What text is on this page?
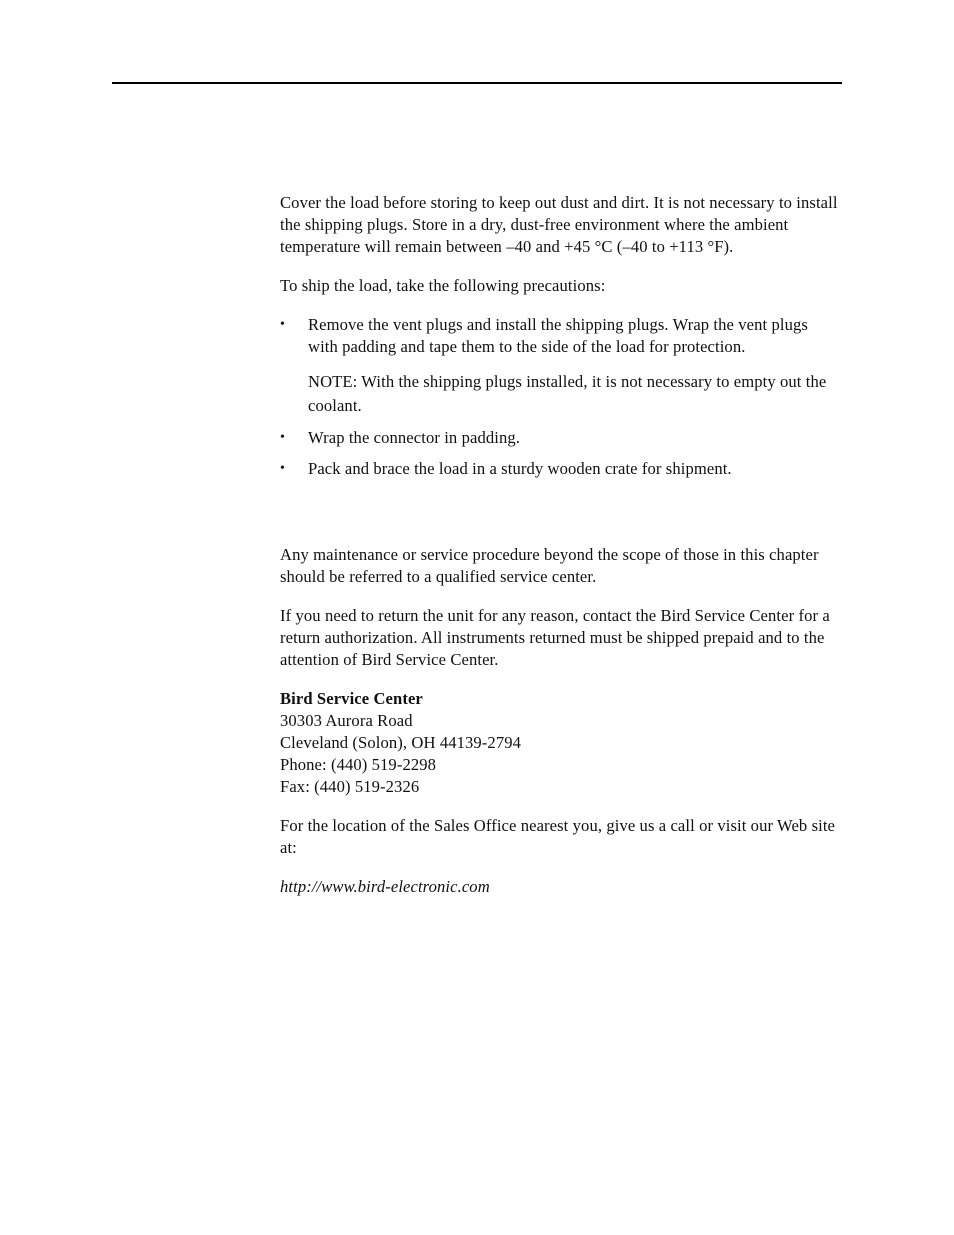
Cover the load before storing to keep out dust and dirt. It is not necessary to install the shipping plugs. Store in a dry, dust-free environment where the ambient temperature will remain between –40 and +45 °C (–40 to +113 °F).

To ship the load, take the following precautions:

• Remove the vent plugs and install the shipping plugs. Wrap the vent plugs with padding and tape them to the side of the load for protection.

NOTE: With the shipping plugs installed, it is not necessary to empty out the coolant.

• Wrap the connector in padding.
• Pack and brace the load in a sturdy wooden crate for shipment.

Any maintenance or service procedure beyond the scope of those in this chapter should be referred to a qualified service center.

If you need to return the unit for any reason, contact the Bird Service Center for a return authorization. All instruments returned must be shipped prepaid and to the attention of Bird Service Center.

Bird Service Center
30303 Aurora Road
Cleveland (Solon), OH 44139-2794
Phone: (440) 519-2298
Fax: (440) 519-2326

For the location of the Sales Office nearest you, give us a call or visit our Web site at:

http://www.bird-electronic.com
